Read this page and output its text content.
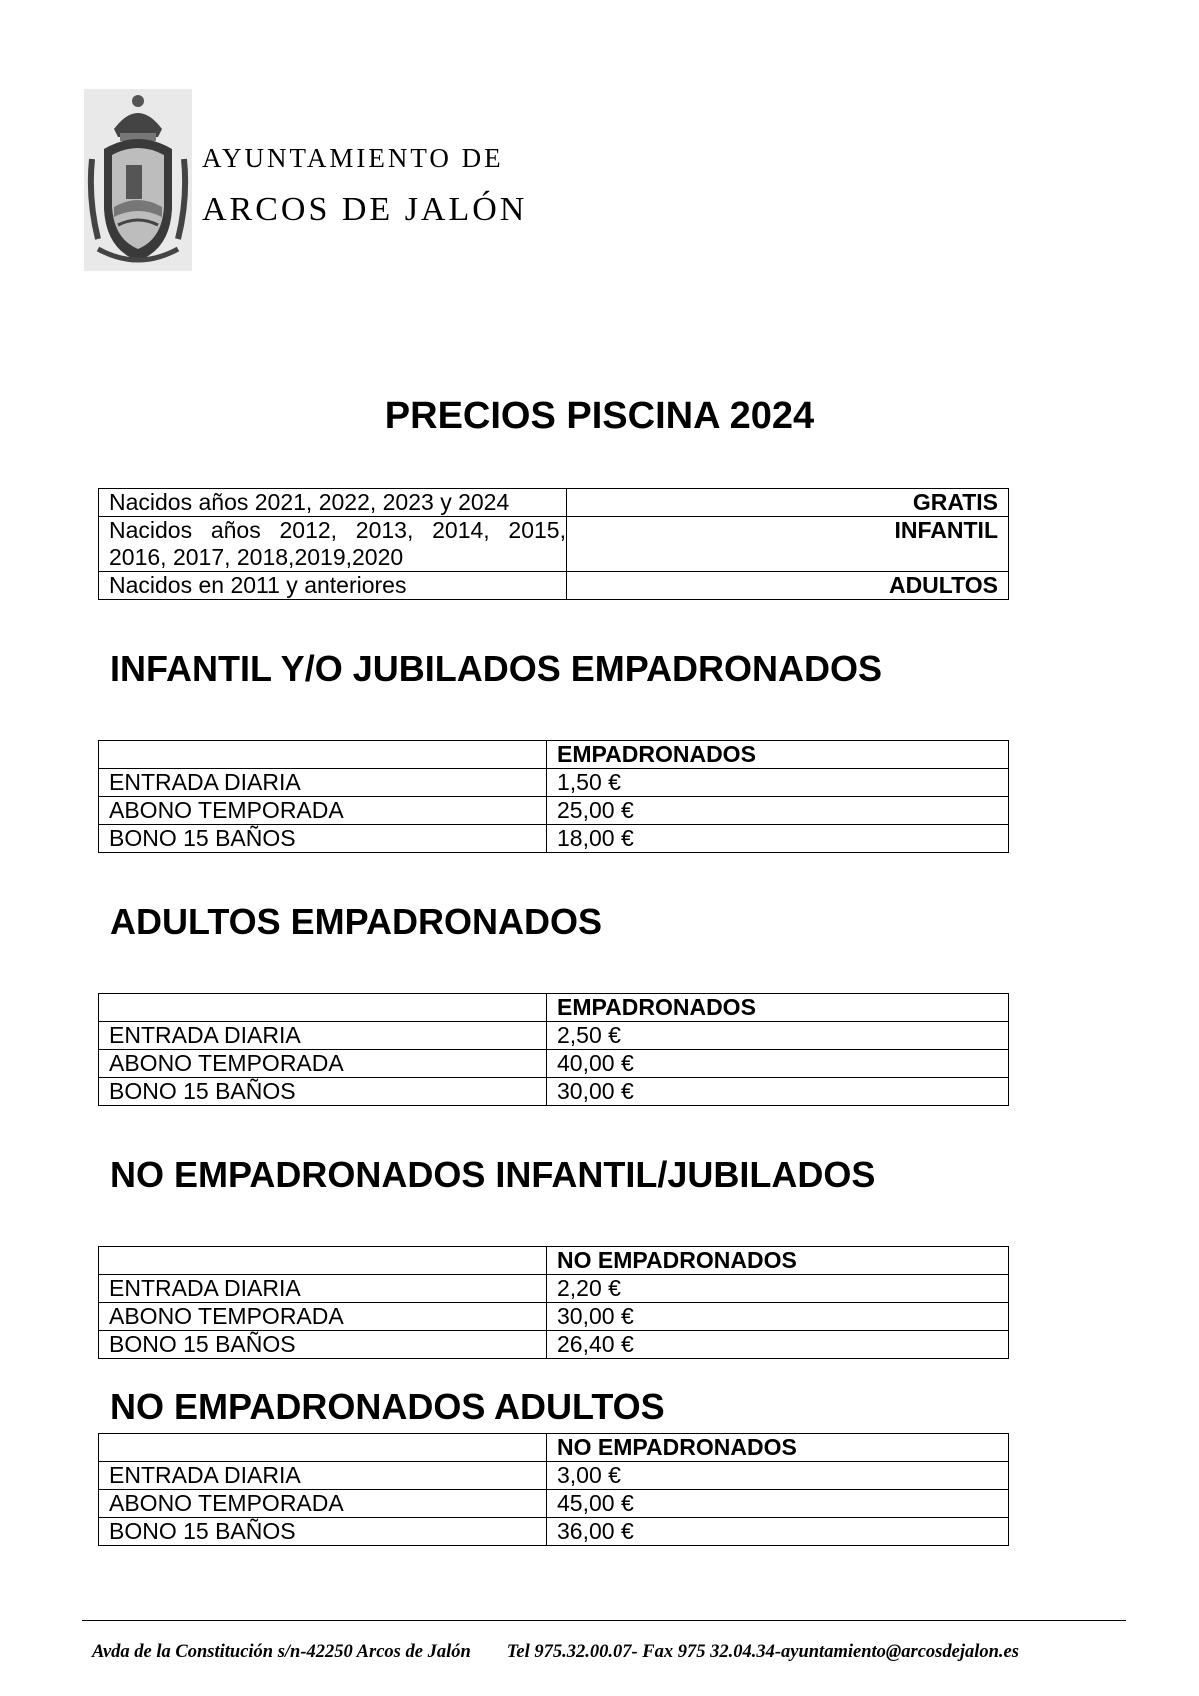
AYUNTAMIENTO DE
ARCOS DE JALÓN
PRECIOS PISCINA 2024
Nacidos años 2021, 2022, 2023 y 2024	GRATIS
Nacidos años 2012, 2013, 2014, 2015, 2016, 2017, 2018,2019,2020	INFANTIL
Nacidos en 2011 y anteriores	ADULTOS
INFANTIL Y/O JUBILADOS EMPADRONADOS
	EMPADRONADOS
ENTRADA DIARIA	1,50 €
ABONO TEMPORADA	25,00 €
BONO 15 BAÑOS	18,00 €
ADULTOS EMPADRONADOS
	EMPADRONADOS
ENTRADA DIARIA	2,50 €
ABONO TEMPORADA	40,00 €
BONO 15 BAÑOS	30,00 €
NO EMPADRONADOS INFANTIL/JUBILADOS
	NO EMPADRONADOS
ENTRADA DIARIA	2,20 €
ABONO TEMPORADA	30,00 €
BONO 15 BAÑOS	26,40 €
NO EMPADRONADOS ADULTOS
	NO EMPADRONADOS
ENTRADA DIARIA	3,00 €
ABONO TEMPORADA	45,00 €
BONO 15 BAÑOS	36,00 €
Avda de la Constitución s/n-42250 Arcos de Jalón Tel 975.32.00.07- Fax 975 32.04.34-ayuntamiento@arcosdejalon.es
